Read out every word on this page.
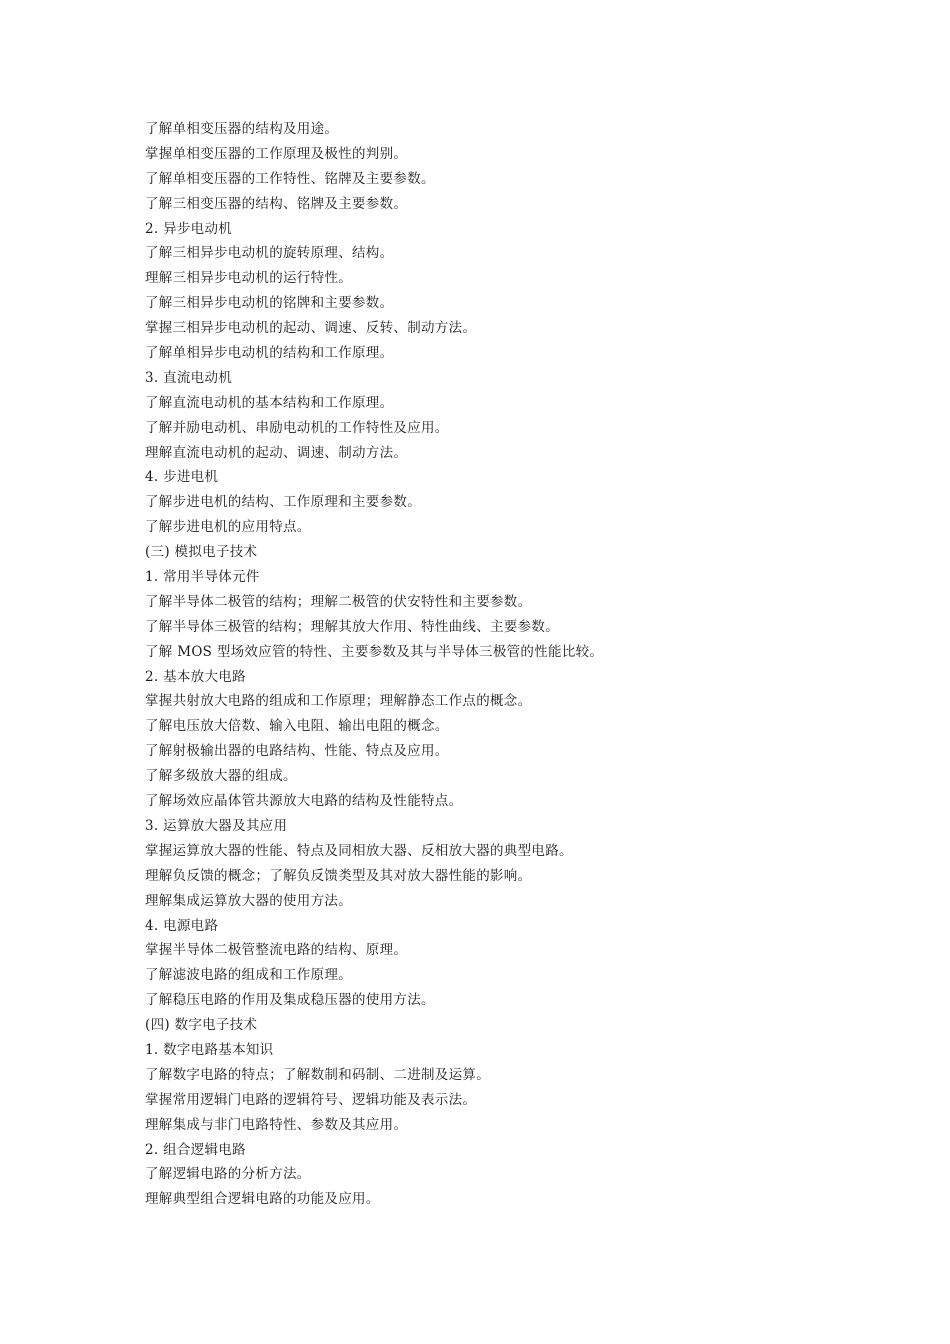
了解单相变压器的结构及用途。
掌握单相变压器的工作原理及极性的判别。
了解单相变压器的工作特性、铭牌及主要参数。
了解三相变压器的结构、铭牌及主要参数。
2. 异步电动机
了解三相异步电动机的旋转原理、结构。
理解三相异步电动机的运行特性。
了解三相异步电动机的铭牌和主要参数。
掌握三相异步电动机的起动、调速、反转、制动方法。
了解单相异步电动机的结构和工作原理。
3. 直流电动机
了解直流电动机的基本结构和工作原理。
了解并励电动机、串励电动机的工作特性及应用。
理解直流电动机的起动、调速、制动方法。
4. 步进电机
了解步进电机的结构、工作原理和主要参数。
了解步进电机的应用特点。
(三) 模拟电子技术
1. 常用半导体元件
了解半导体二极管的结构；理解二极管的伏安特性和主要参数。
了解半导体三极管的结构；理解其放大作用、特性曲线、主要参数。
了解 MOS 型场效应管的特性、主要参数及其与半导体三极管的性能比较。
2. 基本放大电路
掌握共射放大电路的组成和工作原理；理解静态工作点的概念。
了解电压放大倍数、输入电阻、输出电阻的概念。
了解射极输出器的电路结构、性能、特点及应用。
了解多级放大器的组成。
了解场效应晶体管共源放大电路的结构及性能特点。
3. 运算放大器及其应用
掌握运算放大器的性能、特点及同相放大器、反相放大器的典型电路。
理解负反馈的概念；了解负反馈类型及其对放大器性能的影响。
理解集成运算放大器的使用方法。
4. 电源电路
掌握半导体二极管整流电路的结构、原理。
了解滤波电路的组成和工作原理。
了解稳压电路的作用及集成稳压器的使用方法。
(四) 数字电子技术
1. 数字电路基本知识
了解数字电路的特点；了解数制和码制、二进制及运算。
掌握常用逻辑门电路的逻辑符号、逻辑功能及表示法。
理解集成与非门电路特性、参数及其应用。
2. 组合逻辑电路
了解逻辑电路的分析方法。
理解典型组合逻辑电路的功能及应用。
